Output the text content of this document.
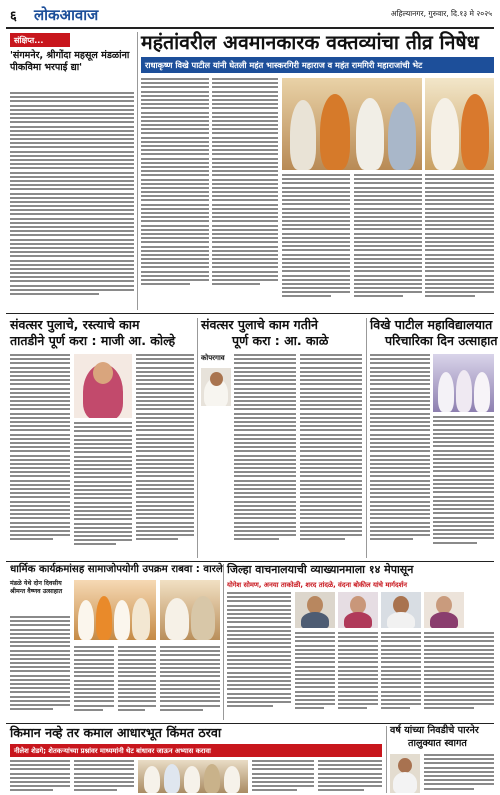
६ लोकआवाज	अहिल्यानगर, गुरुवार, दि.१३ मे २०२५
संक्षिप्त...
'संगमनेर, श्रीगोंदा महसूल मंडळांना पीकविमा भरपाई द्या'
महंतांवरील अवमानकारक वक्तव्यांचा तीव्र निषेध
राधाकृष्ण विखे पाटील यांनी घेतली महंत भास्करगिरी महाराज व महंत रामगिरी महाराजांची भेट
संवत्सर पुलाचे, रस्त्याचे काम
तातडीने पूर्ण करा : माजी आ. कोल्हे
संवत्सर पुलाचे काम गतीने
पूर्ण करा : आ. काळे
कोपरगाव
विखे पाटील महाविद्यालयात
परिचारिका दिन उत्साहात
धार्मिक कार्यक्रमांसह सामाजोपयोगी उपक्रम राबवा : वारले
मंडळे येथे दोन दिवसीय श्रीमन्त वैष्णव उत्साहात
जिल्हा वाचनालयाची व्याख्यानमाला १४ मेपासून
योगेश सोमण, अनया ताकोळी, शरद तांदळे, वंदना बोकील यांचे मार्गदर्शन
किमान नव्हे तर कमाल आधारभूत किंमत ठरवा
नीलेश शेडगे; शेतकऱ्यांच्या प्रश्नांवर माध्यमांनी थेट बांधावर जाऊन अभ्यास करावा
वर्ष यांच्या निवडीचे पारनेर
तालुक्यात स्वागत
